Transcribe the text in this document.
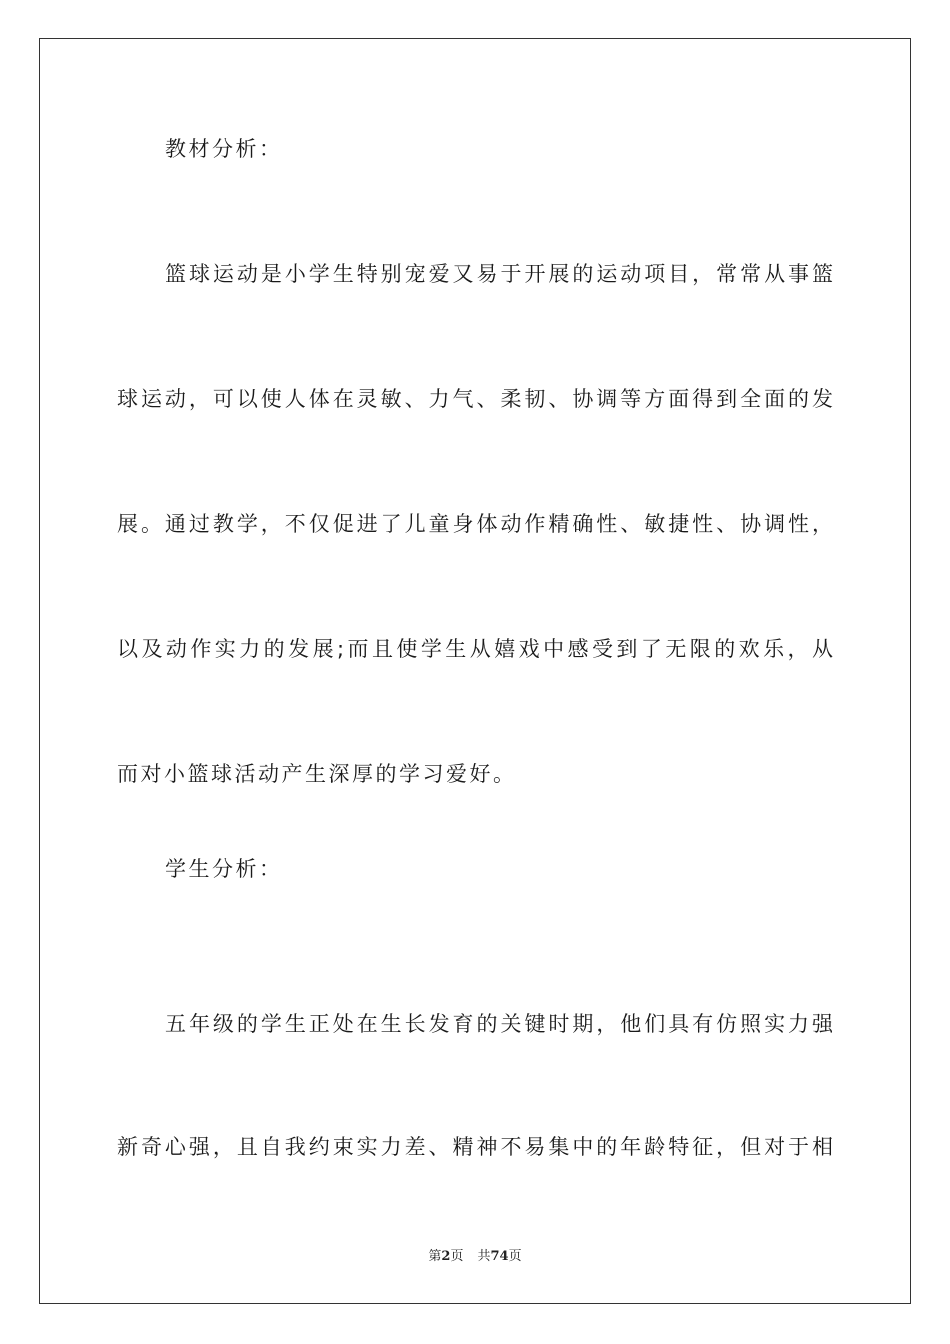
教材分析：
篮球运动是小学生特别宠爱又易于开展的运动项目，常常从事篮
球运动，可以使人体在灵敏、力气、柔韧、协调等方面得到全面的发
展。通过教学，不仅促进了儿童身体动作精确性、敏捷性、协调性，
以及动作实力的发展;而且使学生从嬉戏中感受到了无限的欢乐，从
而对小篮球活动产生深厚的学习爱好。
学生分析：
五年级的学生正处在生长发育的关键时期，他们具有仿照实力强
新奇心强，且自我约束实力差、精神不易集中的年龄特征，但对于相
第2页 共74页
